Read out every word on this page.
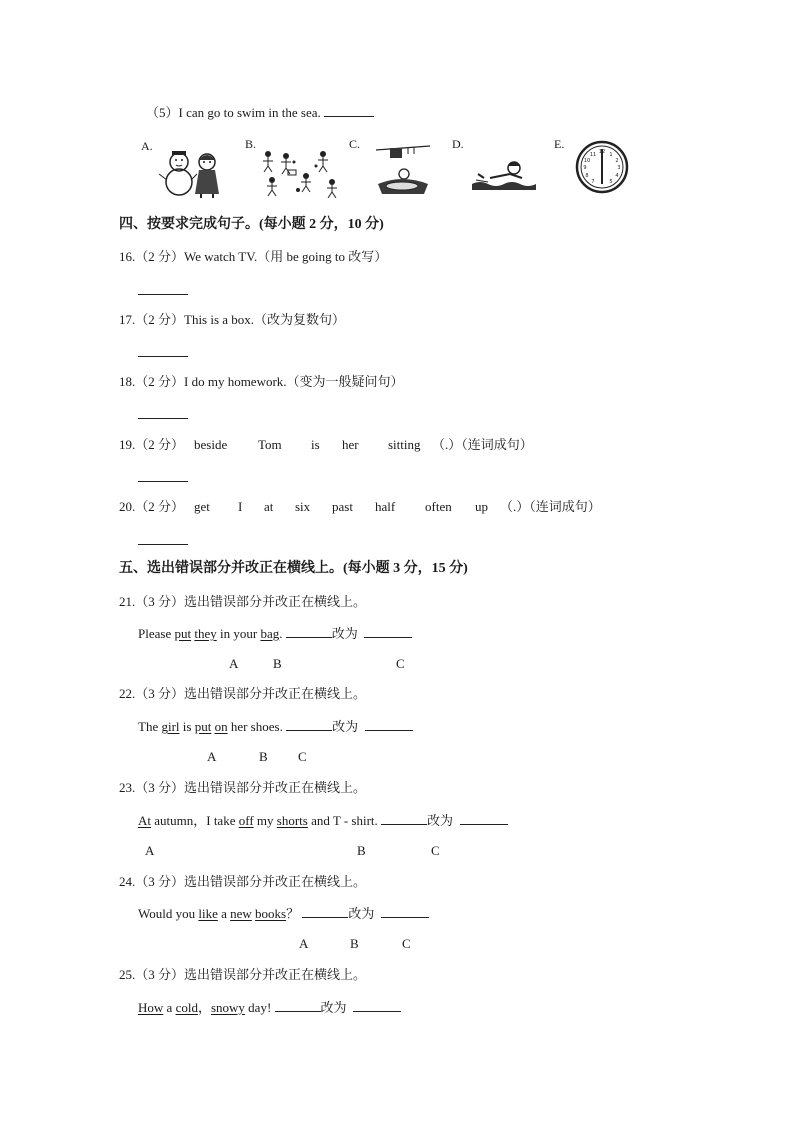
（5）I can go to swim in the sea.
A.	B.	C.	D.	E.
12
3
9
1
2
4
5
7
8
10
11
四、按要求完成句子。(每小题 2 分，10 分)
16.（2 分）We watch TV.（用 be going to 改写）
17.（2 分）This is a box.（改为复数句）
18.（2 分）I do my homework.（变为一般疑问句）
19.（2 分） beside Tom is her sitting （.）（连词成句）
20.（2 分） get I at six past half often up （.）（连词成句）
五、选出错误部分并改正在横线上。(每小题 3 分，15 分)
21.（3 分）选出错误部分并改正在横线上。
Please put they in your bag.	改为
A	B	C
22.（3 分）选出错误部分并改正在横线上。
The girl is put on her shoes.	改为
A	B C
23.（3 分）选出错误部分并改正在横线上。
At autumn，I take off my shorts and T - shirt.	改为
A	B	C
24.（3 分）选出错误部分并改正在横线上。
Would you like a new books？	改为
A	B	C
25.（3 分）选出错误部分并改正在横线上。
How a cold，snowy day!	改为
